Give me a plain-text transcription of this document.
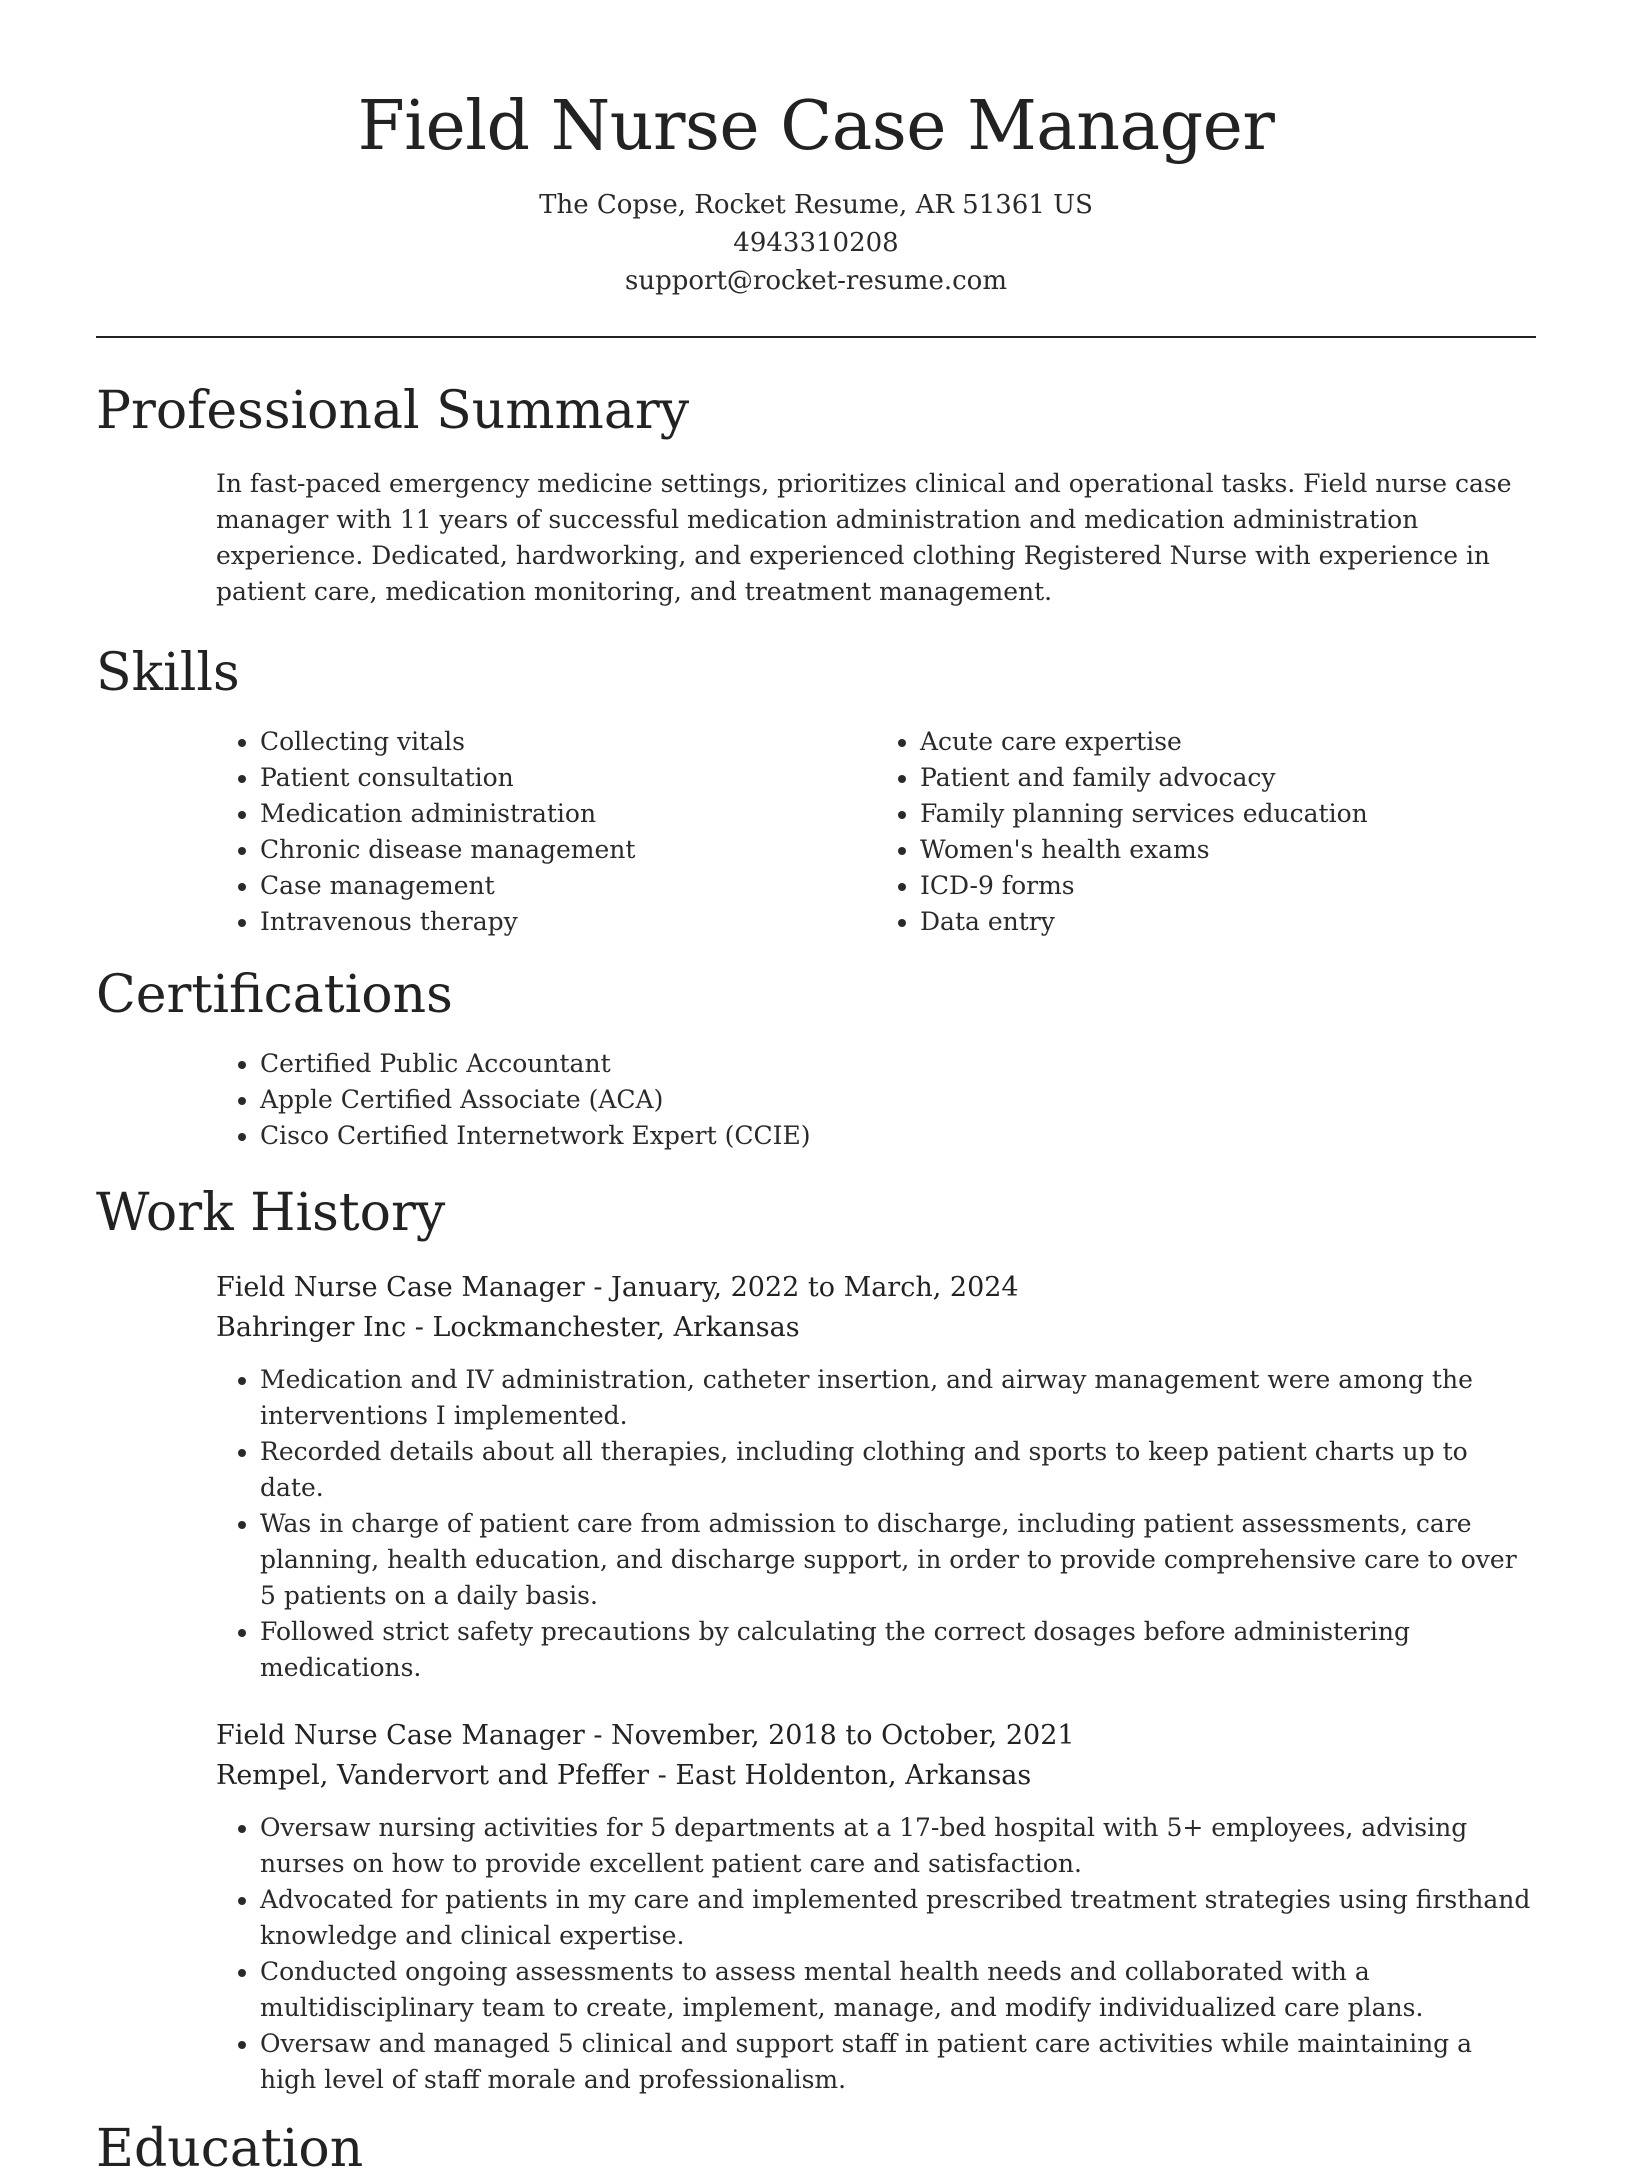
Field Nurse Case Manager
The Copse, Rocket Resume, AR 51361 US
4943310208
support@rocket-resume.com
Professional Summary

In fast-paced emergency medicine settings, prioritizes clinical and operational tasks. Field nurse case manager with 11 years of successful medication administration and medication administration experience. Dedicated, hardworking, and experienced clothing Registered Nurse with experience in patient care, medication monitoring, and treatment management.

Skills
• Collecting vitals
• Patient consultation
• Medication administration
• Chronic disease management
• Case management
• Intravenous therapy
• Acute care expertise
• Patient and family advocacy
• Family planning services education
• Women's health exams
• ICD-9 forms
• Data entry
Certifications
• Certified Public Accountant
• Apple Certified Associate (ACA)
• Cisco Certified Internetwork Expert (CCIE)
Work History
Field Nurse Case Manager - January, 2022 to March, 2024
Bahringer Inc - Lockmanchester, Arkansas
• Medication and IV administration, catheter insertion, and airway management were among the interventions I implemented.
• Recorded details about all therapies, including clothing and sports to keep patient charts up to date.
• Was in charge of patient care from admission to discharge, including patient assessments, care planning, health education, and discharge support, in order to provide comprehensive care to over 5 patients on a daily basis.
• Followed strict safety precautions by calculating the correct dosages before administering medications.
Field Nurse Case Manager - November, 2018 to October, 2021
Rempel, Vandervort and Pfeffer - East Holdenton, Arkansas
• Oversaw nursing activities for 5 departments at a 17-bed hospital with 5+ employees, advising nurses on how to provide excellent patient care and satisfaction.
• Advocated for patients in my care and implemented prescribed treatment strategies using firsthand knowledge and clinical expertise.
• Conducted ongoing assessments to assess mental health needs and collaborated with a multidisciplinary team to create, implement, manage, and modify individualized care plans.
• Oversaw and managed 5 clinical and support staff in patient care activities while maintaining a high level of staff morale and professionalism.
Education
